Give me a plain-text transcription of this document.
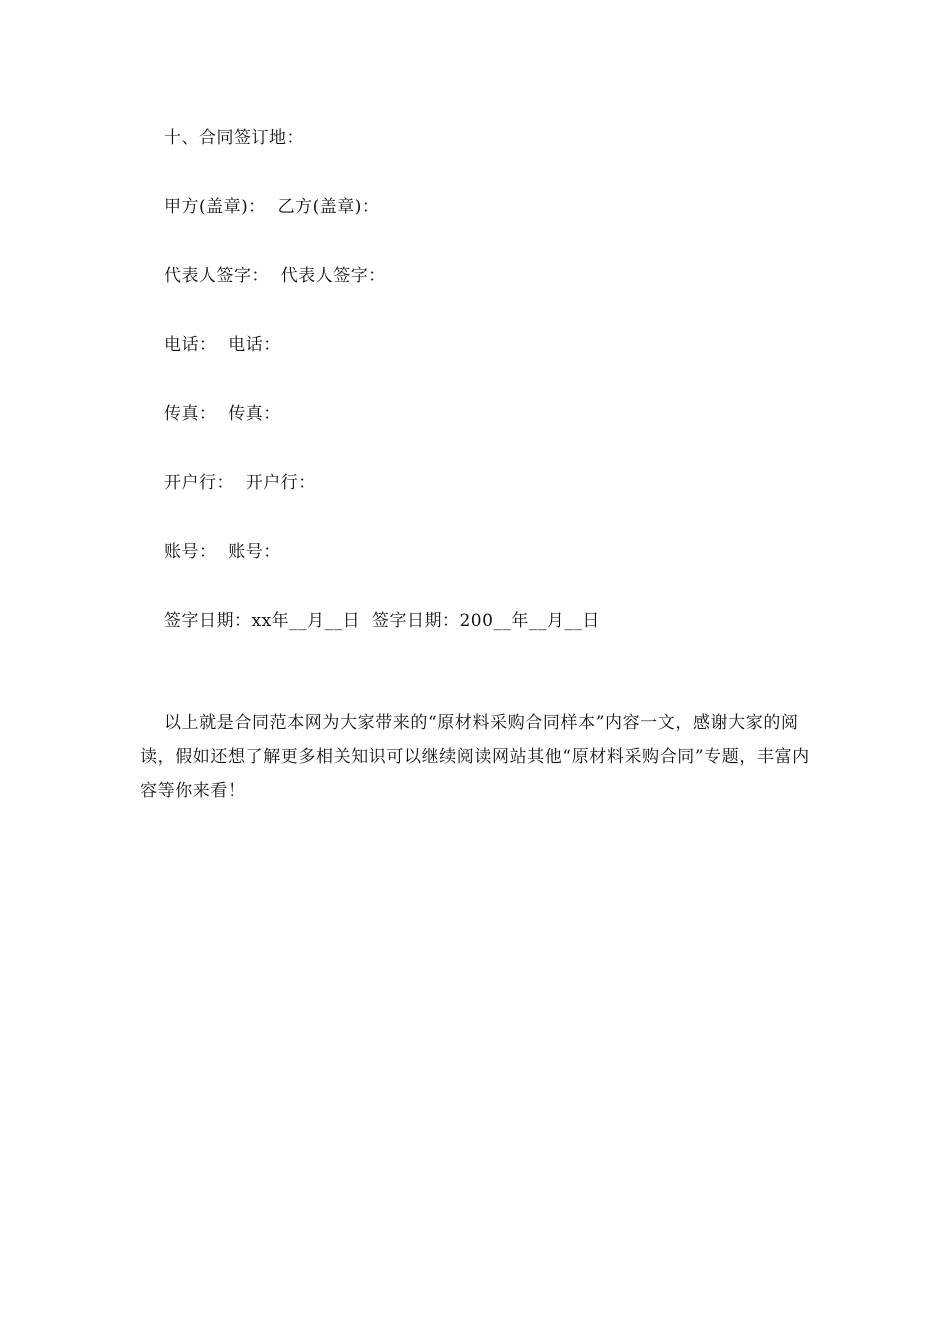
十、合同签订地：
甲方(盖章)：  乙方(盖章)：
代表人签字：  代表人签字：
电话：  电话：
传真：  传真：
开户行：  开户行：
账号：  账号：
签字日期：xx年__月__日  签字日期：200__年__月__日
以上就是合同范本网为大家带来的“原材料采购合同样本”内容一文，感谢大家的阅读，假如还想了解更多相关知识可以继续阅读网站其他“原材料采购合同”专题，丰富内容等你来看！
